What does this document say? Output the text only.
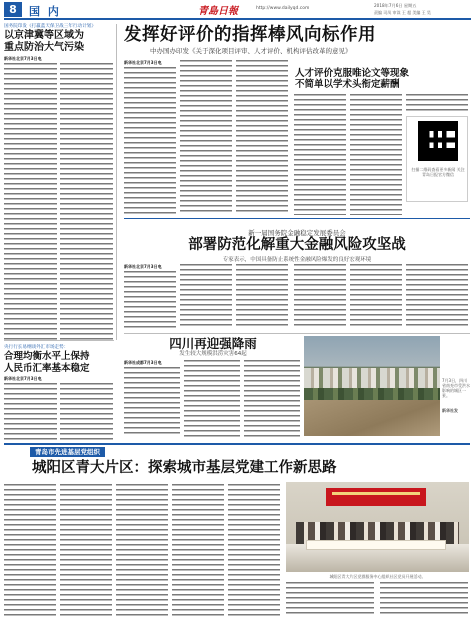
8	国 内	青島日報	http://www.dailyqd.com
2018年7月6日 星期五
责编 司凤 审读 王 超 美编 王 昊
国务院印发《打赢蓝天保卫战三年行动计划》
以京津冀等区域为
重点防治大气污染
新华社北京7月3日电
央行行长易纲谈外汇市场走势：
合理均衡水平上保持
人民币汇率基本稳定
新华社北京7月3日电
发挥好评价的指挥棒风向标作用
中办国办印发《关于深化项目评审、人才评价、机构评估改革的意见》
新华社北京7月3日电
人才评价克服唯论文等现象
不简单以学术头衔定薪酬
扫描二维码查看更多新闻 关注青岛日报官方微信
新一届国务院金融稳定发展委员会
部署防范化解重大金融风险攻坚战
专家表示，中国具备防止系统性金融风险爆发的良好宏观环境
新华社北京7月3日电
四川再迎强降雨
发生较大规模洪涝灾害64起
新华社成都7月3日电
7月3日，四川省南充市受洪水影响的城区一景。
新华社发
青岛市先进基层党组织
城阳区青大片区：探索城市基层党建工作新思路
城阳区青大片区党群服务中心组织社区党员开展活动。
